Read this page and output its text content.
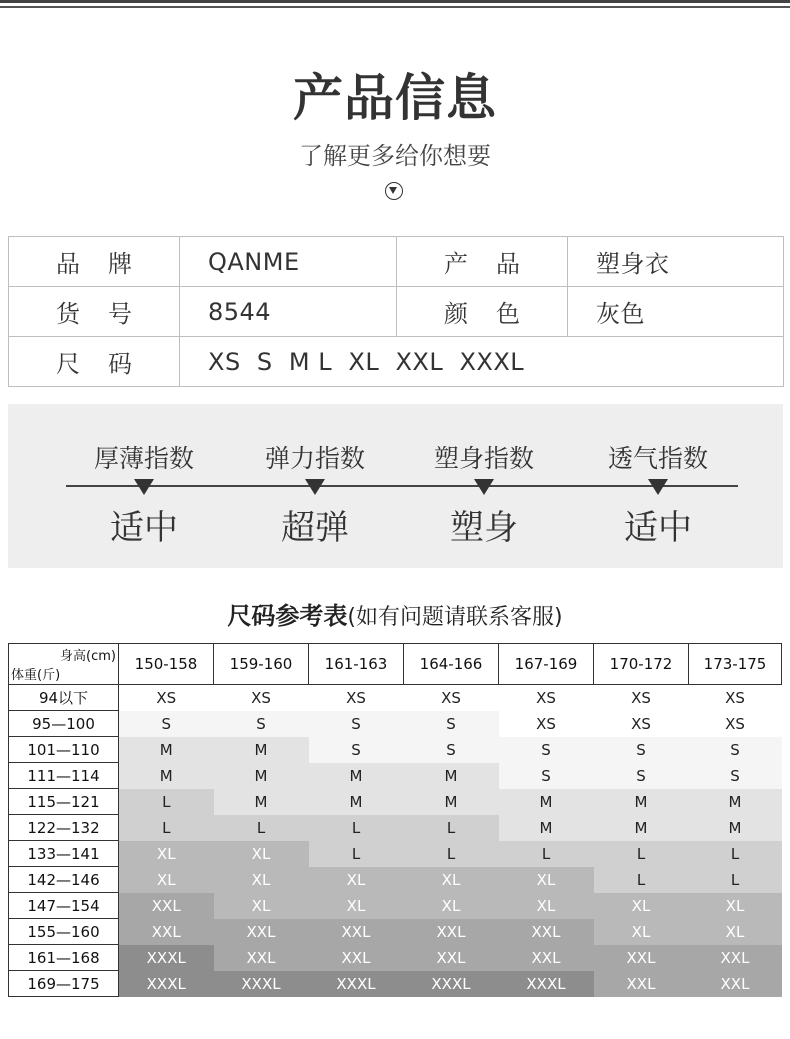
产品信息
了解更多给你想要
品牌	QANME	产品	塑身衣
货号	8544	颜色	灰色
尺码	XS  S  M L  XL  XXL  XXXL		
厚薄指数
适中
弹力指数
超弹
塑身指数
塑身
透气指数
适中
尺码参考表(如有问题请联系客服)
身高(cm)
体重(斤)	150-158	159-160	161-163	164-166	167-169	170-172	173-175
94以下	XS	XS	XS	XS	XS	XS	XS
95—100	S	S	S	S	XS	XS	XS
101—110	M	M	S	S	S	S	S
111—114	M	M	M	M	S	S	S
115—121	L	M	M	M	M	M	M
122—132	L	L	L	L	M	M	M
133—141	XL	XL	L	L	L	L	L
142—146	XL	XL	XL	XL	XL	L	L
147—154	XXL	XL	XL	XL	XL	XL	XL
155—160	XXL	XXL	XXL	XXL	XXL	XL	XL
161—168	XXXL	XXL	XXL	XXL	XXL	XXL	XXL
169—175	XXXL	XXXL	XXXL	XXXL	XXXL	XXL	XXL
